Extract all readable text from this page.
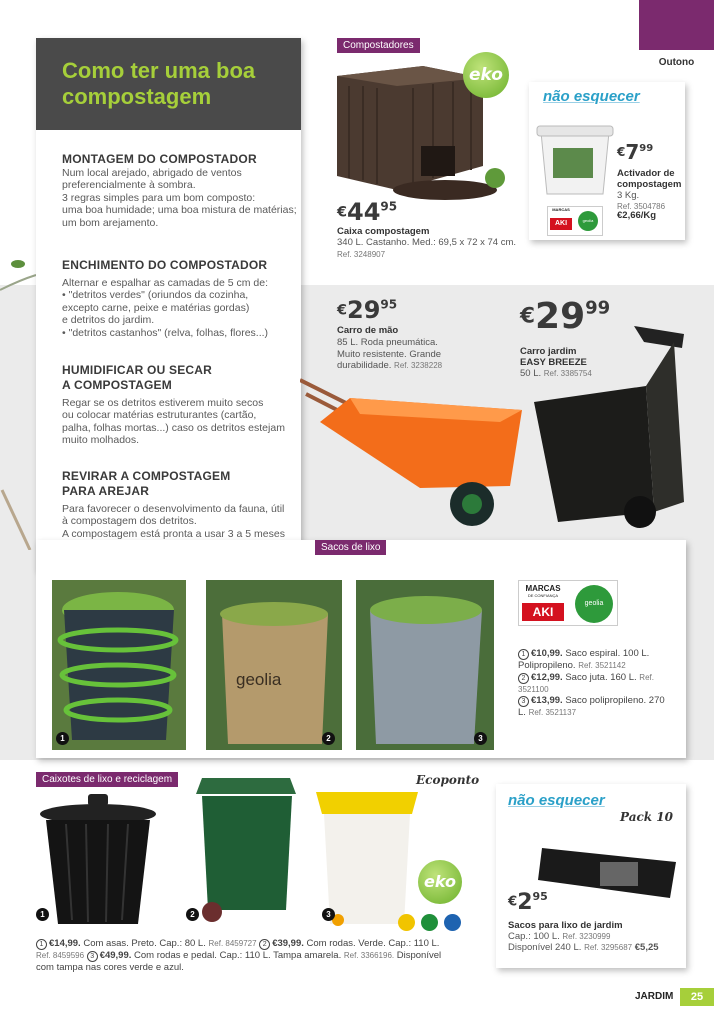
Outono
Como ter uma boa compostagem
MONTAGEM DO COMPOSTADOR
Num local arejado, abrigado de ventos
preferencialmente à sombra.
3 regras simples para um bom composto:
uma boa humidade; uma boa mistura de matérias;
um bom arejamento.
ENCHIMENTO DO COMPOSTADOR
Alternar e espalhar as camadas de 5 cm de:
• "detritos verdes" (oriundos da cozinha,
excepto carne, peixe e matérias gordas)
e detritos do jardim.
• "detritos castanhos" (relva, folhas, flores...)
HUMIDIFICAR OU SECAR
A COMPOSTAGEM
Regar se os detritos estiverem muito secos
ou colocar matérias estruturantes (cartão,
palha, folhas mortas...) caso os detritos estejam
muito molhados.
REVIRAR A COMPOSTAGEM
PARA AREJAR
Para favorecer o desenvolvimento da fauna, útil
à compostagem dos detritos.
A compostagem está pronta a usar 3 a 5 meses

Compostadores
eko
$€44^{95}$
Caixa compostagem
340 L. Castanho. Med.: 69,5 x 72 x 74 cm.
Ref. 3248907
não esquecer
$€7^{99}$
Activador de compostagem
3 Kg.
Ref. 3504786
€2,66/Kg
MARCAS
AKI	geolia
$€29^{95}$
Carro de mão
85 L. Roda pneumática. Muito resistente. Grande durabilidade. Ref. 3238228
$€29^{99}$
Carro jardim EASY BREEZE
50 L. Ref. 3385754
1
geolia
2	3
MARCAS
DE CONFIANÇA
AKI
geolia
1 €10,99. Saco espiral. 100 L. Polipropileno. Ref. 3521142
2 €12,99. Saco juta. 160 L. Ref. 3521100
3 €13,99. Saco polipropileno. 270 L. Ref. 3521137
Sacos de lixo
Caixotes de lixo e reciclagem	Ecoponto
1	2	3
eko
1 €14,99. Com asas. Preto. Cap.: 80 L. Ref. 8459727 2 €39,99. Com rodas. Verde. Cap.: 110 L. Ref. 8459596 3 €49,99. Com rodas e pedal. Cap.: 110 L. Tampa amarela. Ref. 3366196. Disponível com tampa nas cores verde e azul.
não esquecer
Pack 10
$€2^{95}$
Sacos para lixo de jardim
Cap.: 100 L. Ref. 3230999
Disponível 240 L. Ref. 3295687 €5,25
JARDIM	25
